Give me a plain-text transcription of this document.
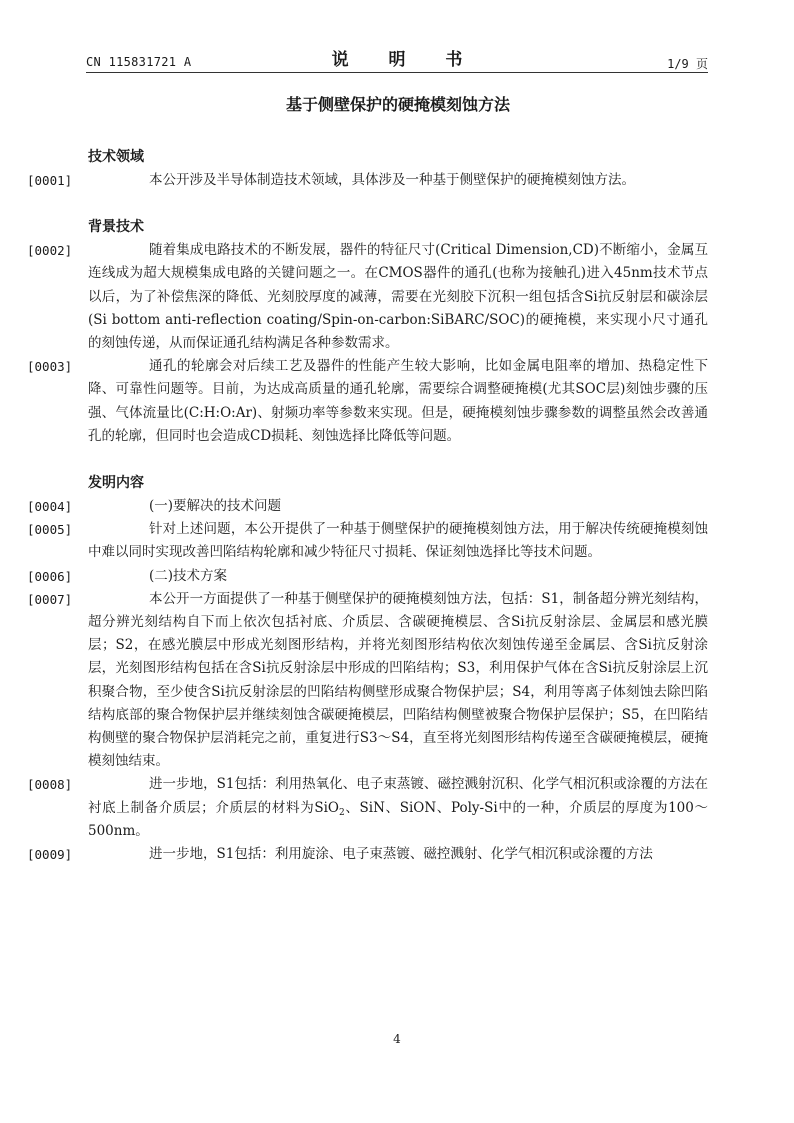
CN 115831721 A	说 明 书	1/9 页
基于侧壁保护的硬掩模刻蚀方法
技术领域

[0001]	本公开涉及半导体制造技术领域，具体涉及一种基于侧壁保护的硬掩模刻蚀方法。

背景技术

[0002]	随着集成电路技术的不断发展，器件的特征尺寸(Critical Dimension,CD)不断缩小，金属互连线成为超大规模集成电路的关键问题之一。在CMOS器件的通孔(也称为接触孔)进入45nm技术节点以后，为了补偿焦深的降低、光刻胶厚度的减薄，需要在光刻胶下沉积一组包括含Si抗反射层和碳涂层(Si bottom anti-reflection coating/Spin-on-carbon:SiBARC/SOC)的硬掩模，来实现小尺寸通孔的刻蚀传递，从而保证通孔结构满足各种参数需求。

[0003]	通孔的轮廓会对后续工艺及器件的性能产生较大影响，比如金属电阻率的增加、热稳定性下降、可靠性问题等。目前，为达成高质量的通孔轮廓，需要综合调整硬掩模(尤其SOC层)刻蚀步骤的压强、气体流量比(C:H:O:Ar)、射频功率等参数来实现。但是，硬掩模刻蚀步骤参数的调整虽然会改善通孔的轮廓，但同时也会造成CD损耗、刻蚀选择比降低等问题。

发明内容

[0004]	(一)要解决的技术问题

[0005]	针对上述问题，本公开提供了一种基于侧壁保护的硬掩模刻蚀方法，用于解决传统硬掩模刻蚀中难以同时实现改善凹陷结构轮廓和减少特征尺寸损耗、保证刻蚀选择比等技术问题。

[0006]	(二)技术方案

[0007]	本公开一方面提供了一种基于侧壁保护的硬掩模刻蚀方法，包括：S1，制备超分辨光刻结构，超分辨光刻结构自下而上依次包括衬底、介质层、含碳硬掩模层、含Si抗反射涂层、金属层和感光膜层；S2，在感光膜层中形成光刻图形结构，并将光刻图形结构依次刻蚀传递至金属层、含Si抗反射涂层，光刻图形结构包括在含Si抗反射涂层中形成的凹陷结构；S3，利用保护气体在含Si抗反射涂层上沉积聚合物，至少使含Si抗反射涂层的凹陷结构侧壁形成聚合物保护层；S4，利用等离子体刻蚀去除凹陷结构底部的聚合物保护层并继续刻蚀含碳硬掩模层，凹陷结构侧壁被聚合物保护层保护；S5，在凹陷结构侧壁的聚合物保护层消耗完之前，重复进行S3～S4，直至将光刻图形结构传递至含碳硬掩模层，硬掩模刻蚀结束。

[0008]	进一步地，S1包括：利用热氧化、电子束蒸镀、磁控溅射沉积、化学气相沉积或涂覆的方法在衬底上制备介质层；介质层的材料为SiO$_2$、SiN、SiON、Poly-Si中的一种，介质层的厚度为100～500nm。

[0009]	进一步地，S1包括：利用旋涂、电子束蒸镀、磁控溅射、化学气相沉积或涂覆的方法

4
